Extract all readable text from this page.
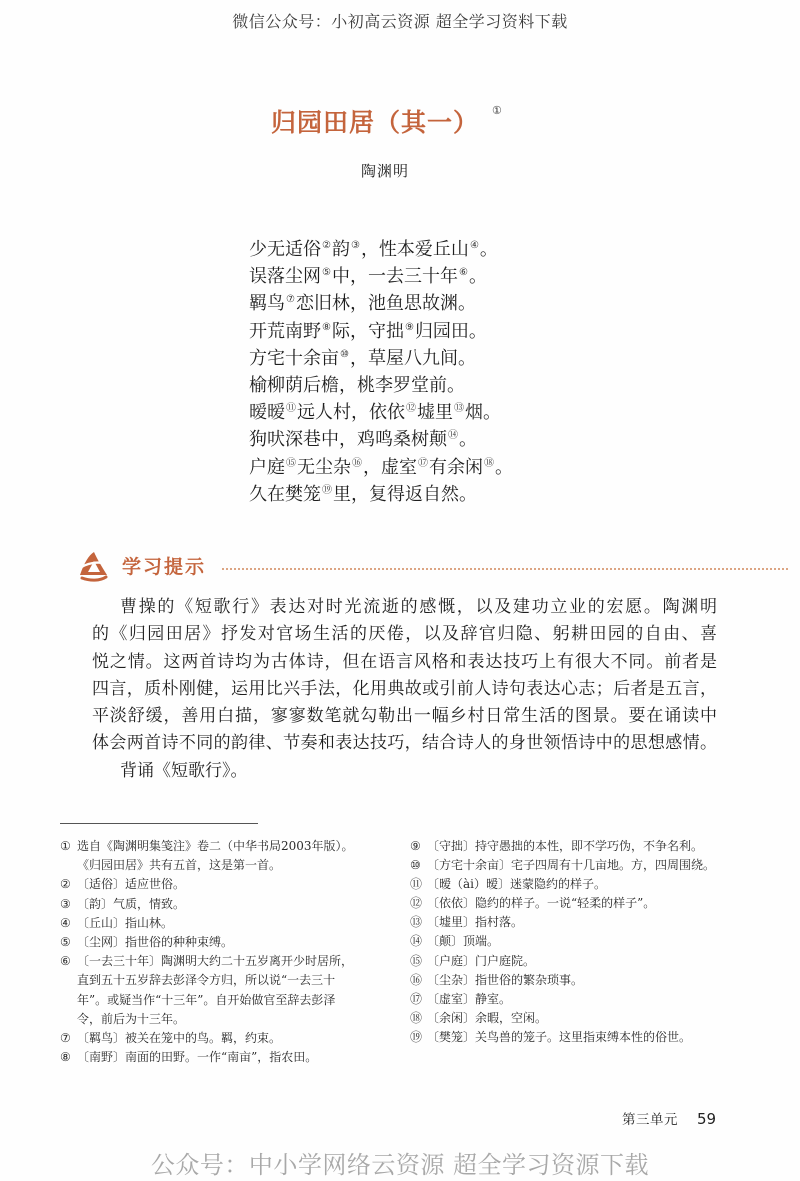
微信公众号：小初高云资源 超全学习资料下载
归园田居（其一） ①
陶渊明
少无适俗②韵③，性本爱丘山④。
误落尘网⑤中，一去三十年⑥。
羁鸟⑦恋旧林，池鱼思故渊。
开荒南野⑧际，守拙⑨归园田。
方宅十余亩⑩，草屋八九间。
榆柳荫后檐，桃李罗堂前。
暧暧⑪远人村，依依⑫墟里⑬烟。
狗吠深巷中，鸡鸣桑树颠⑭。
户庭⑮无尘杂⑯，虚室⑰有余闲⑱。
久在樊笼⑲里，复得返自然。
学习提示
曹操的《短歌行》表达对时光流逝的感慨，以及建功立业的宏愿。陶渊明
的《归园田居》抒发对官场生活的厌倦，以及辞官归隐、躬耕田园的自由、喜
悦之情。这两首诗均为古体诗，但在语言风格和表达技巧上有很大不同。前者是
四言，质朴刚健，运用比兴手法，化用典故或引前人诗句表达心志；后者是五言，
平淡舒缓，善用白描，寥寥数笔就勾勒出一幅乡村日常生活的图景。要在诵读中
体会两首诗不同的韵律、节奏和表达技巧，结合诗人的身世领悟诗中的思想感情。
背诵《短歌行》。
① 选自《陶渊明集笺注》卷二（中华书局2003年版）。
《归园田居》共有五首，这是第一首。
② 〔适俗〕适应世俗。
③ 〔韵〕气质，情致。
④ 〔丘山〕指山林。
⑤ 〔尘网〕指世俗的种种束缚。
⑥ 〔一去三十年〕陶渊明大约二十五岁离开少时居所，
直到五十五岁辞去彭泽令方归，所以说“一去三十
年”。或疑当作“十三年”。自开始做官至辞去彭泽
令，前后为十三年。
⑦ 〔羁鸟〕被关在笼中的鸟。羁，约束。
⑧ 〔南野〕南面的田野。一作“南亩”，指农田。
⑨ 〔守拙〕持守愚拙的本性，即不学巧伪，不争名利。
⑩ 〔方宅十余亩〕宅子四周有十几亩地。方，四周围绕。
⑪ 〔暧（ài）暧〕迷蒙隐约的样子。
⑫ 〔依依〕隐约的样子。一说“轻柔的样子”。
⑬ 〔墟里〕指村落。
⑭ 〔颠〕顶端。
⑮ 〔户庭〕门户庭院。
⑯ 〔尘杂〕指世俗的繁杂琐事。
⑰ 〔虚室〕静室。
⑱ 〔余闲〕余暇，空闲。
⑲ 〔樊笼〕关鸟兽的笼子。这里指束缚本性的俗世。
第三单元 59
公众号：中小学网络云资源 超全学习资源下载
